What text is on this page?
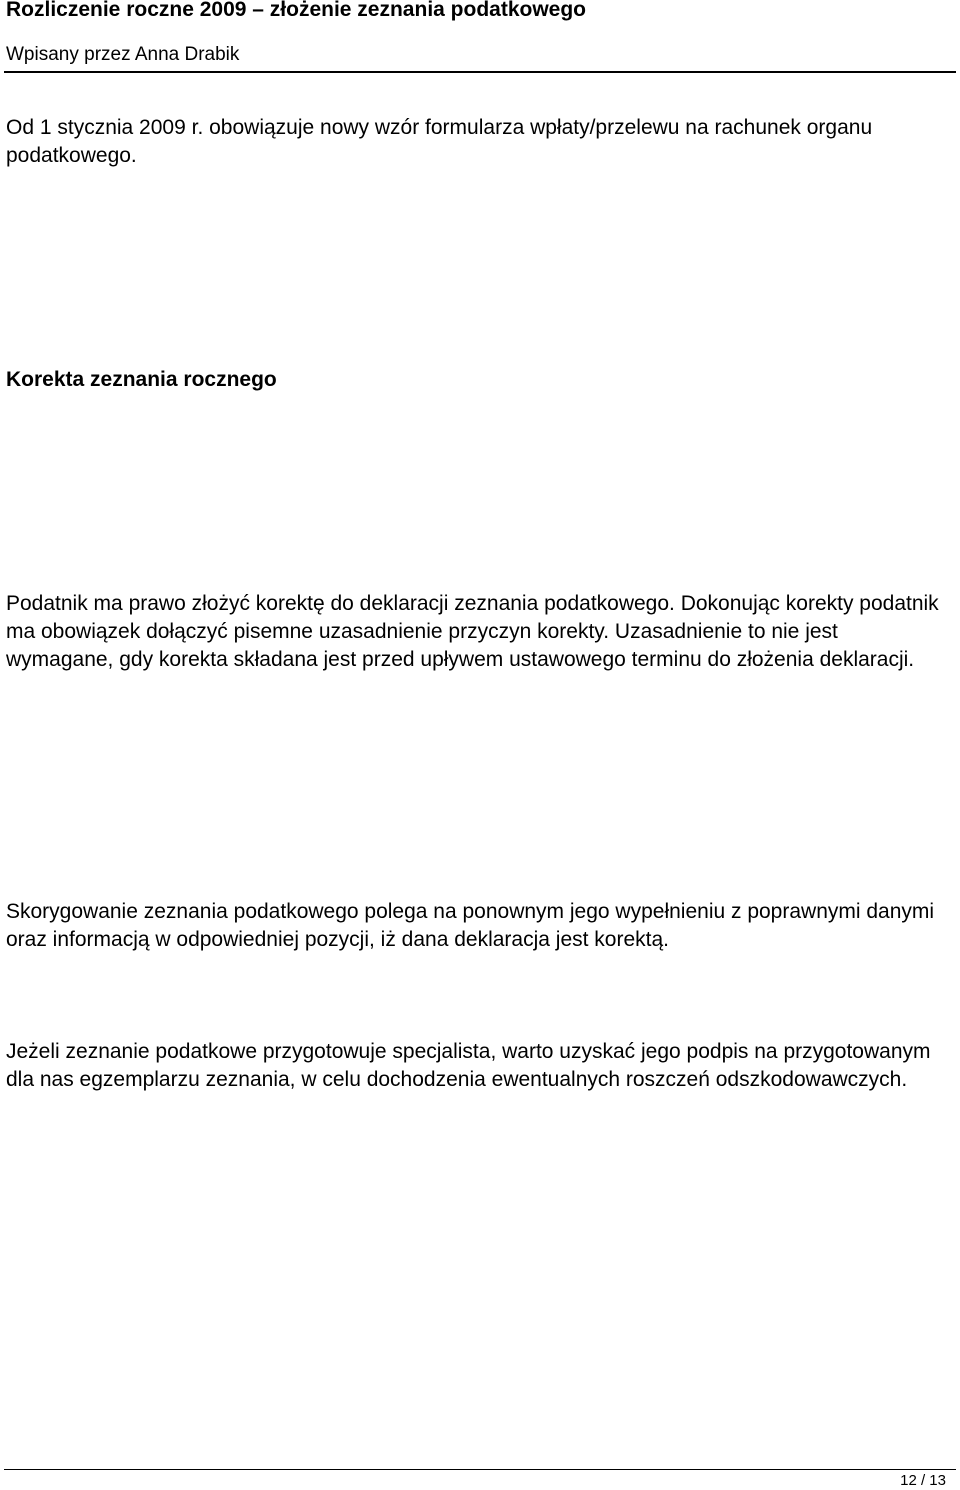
Rozliczenie roczne 2009 – złożenie zeznania podatkowego
Wpisany przez Anna Drabik

Od 1 stycznia 2009 r. obowiązuje nowy wzór formularza wpłaty/przelewu na rachunek organu podatkowego.

Korekta zeznania rocznego

Podatnik ma prawo złożyć korektę do deklaracji zeznania podatkowego. Dokonując korekty podatnik ma obowiązek dołączyć pisemne uzasadnienie przyczyn korekty. Uzasadnienie to nie jest wymagane, gdy korekta składana jest przed upływem ustawowego terminu do złożenia deklaracji.

Skorygowanie zeznania podatkowego polega na ponownym jego wypełnieniu z poprawnymi danymi oraz informacją w odpowiedniej pozycji, iż dana deklaracja jest korektą.

Jeżeli zeznanie podatkowe przygotowuje specjalista, warto uzyskać jego podpis na przygotowanym dla nas egzemplarzu zeznania, w celu dochodzenia ewentualnych roszczeń odszkodowawczych.

12 / 13
